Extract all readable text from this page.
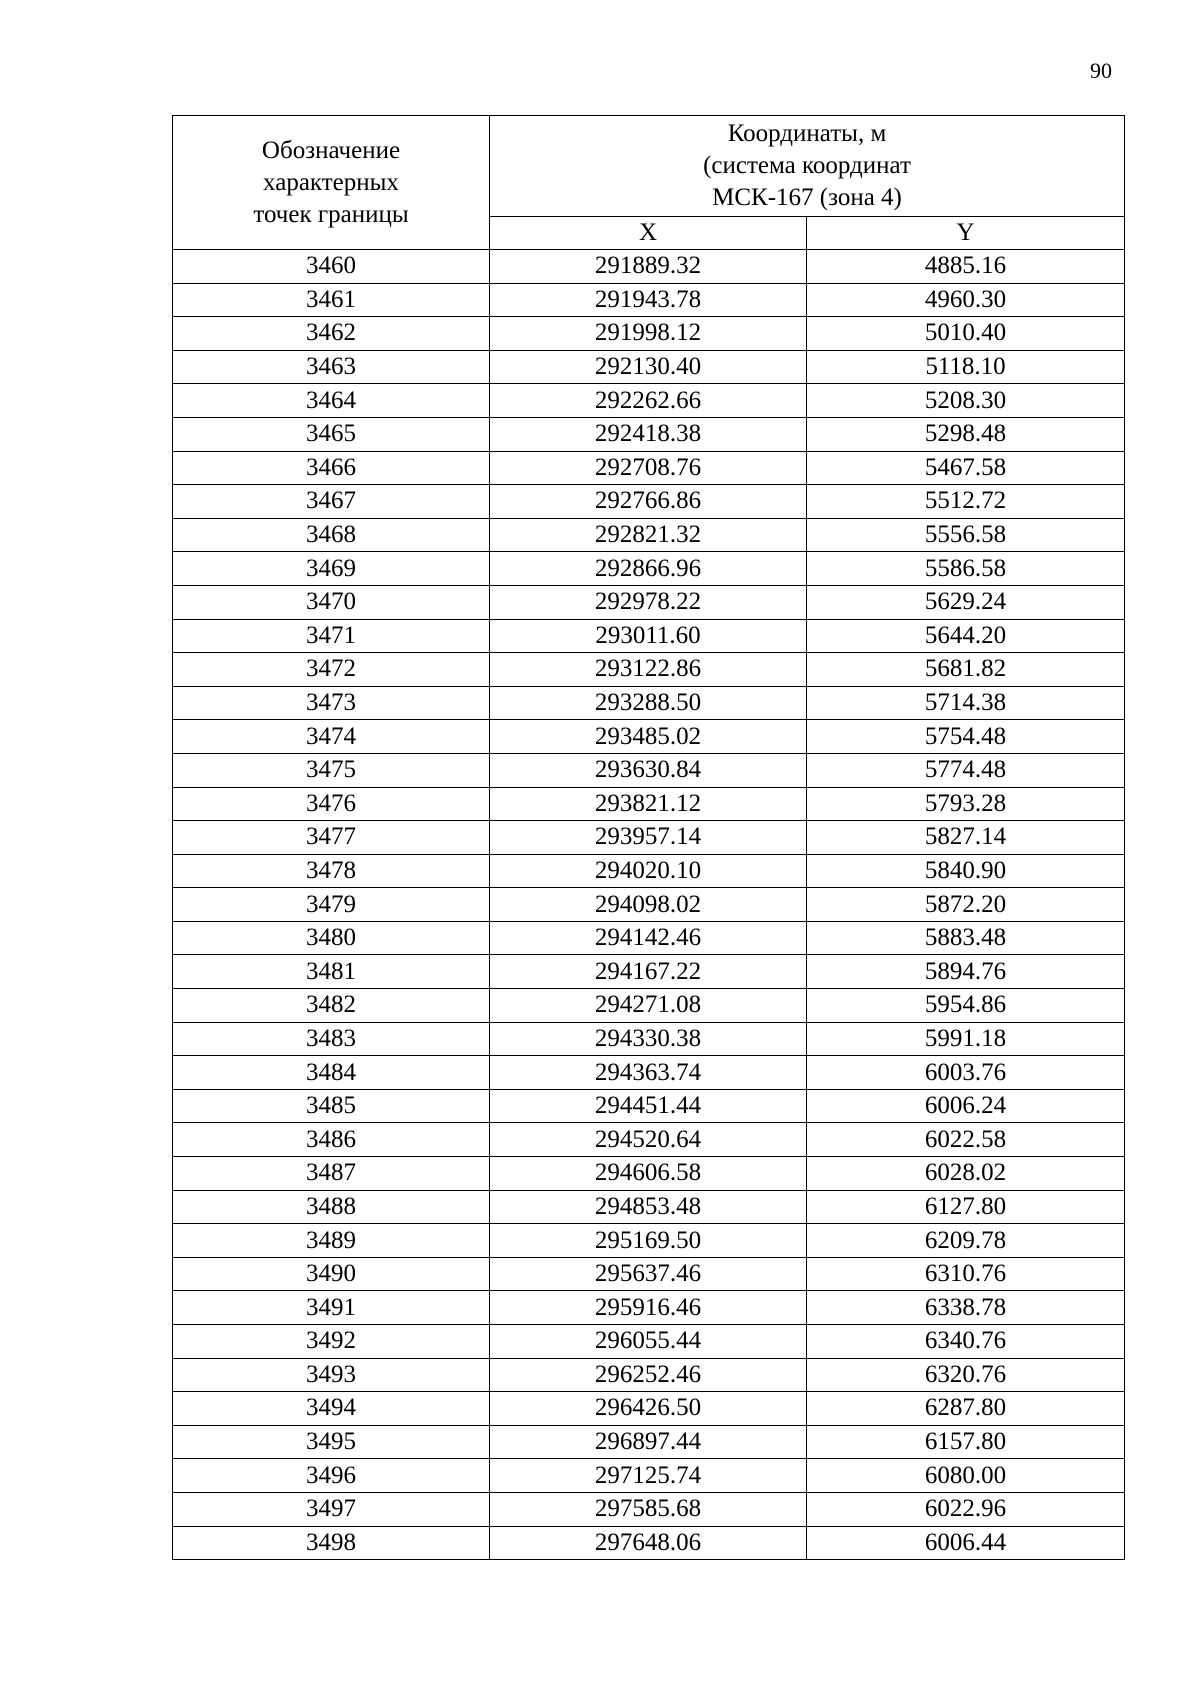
90
Обозначение
характерных
точек границы	Координаты, м
(система координат
МСК-167 (зона 4)	

	X	Y
3460	291889.32	4885.16
3461	291943.78	4960.30
3462	291998.12	5010.40
3463	292130.40	5118.10
3464	292262.66	5208.30
3465	292418.38	5298.48
3466	292708.76	5467.58
3467	292766.86	5512.72
3468	292821.32	5556.58
3469	292866.96	5586.58
3470	292978.22	5629.24
3471	293011.60	5644.20
3472	293122.86	5681.82
3473	293288.50	5714.38
3474	293485.02	5754.48
3475	293630.84	5774.48
3476	293821.12	5793.28
3477	293957.14	5827.14
3478	294020.10	5840.90
3479	294098.02	5872.20
3480	294142.46	5883.48
3481	294167.22	5894.76
3482	294271.08	5954.86
3483	294330.38	5991.18
3484	294363.74	6003.76
3485	294451.44	6006.24
3486	294520.64	6022.58
3487	294606.58	6028.02
3488	294853.48	6127.80
3489	295169.50	6209.78
3490	295637.46	6310.76
3491	295916.46	6338.78
3492	296055.44	6340.76
3493	296252.46	6320.76
3494	296426.50	6287.80
3495	296897.44	6157.80
3496	297125.74	6080.00
3497	297585.68	6022.96
3498	297648.06	6006.44
